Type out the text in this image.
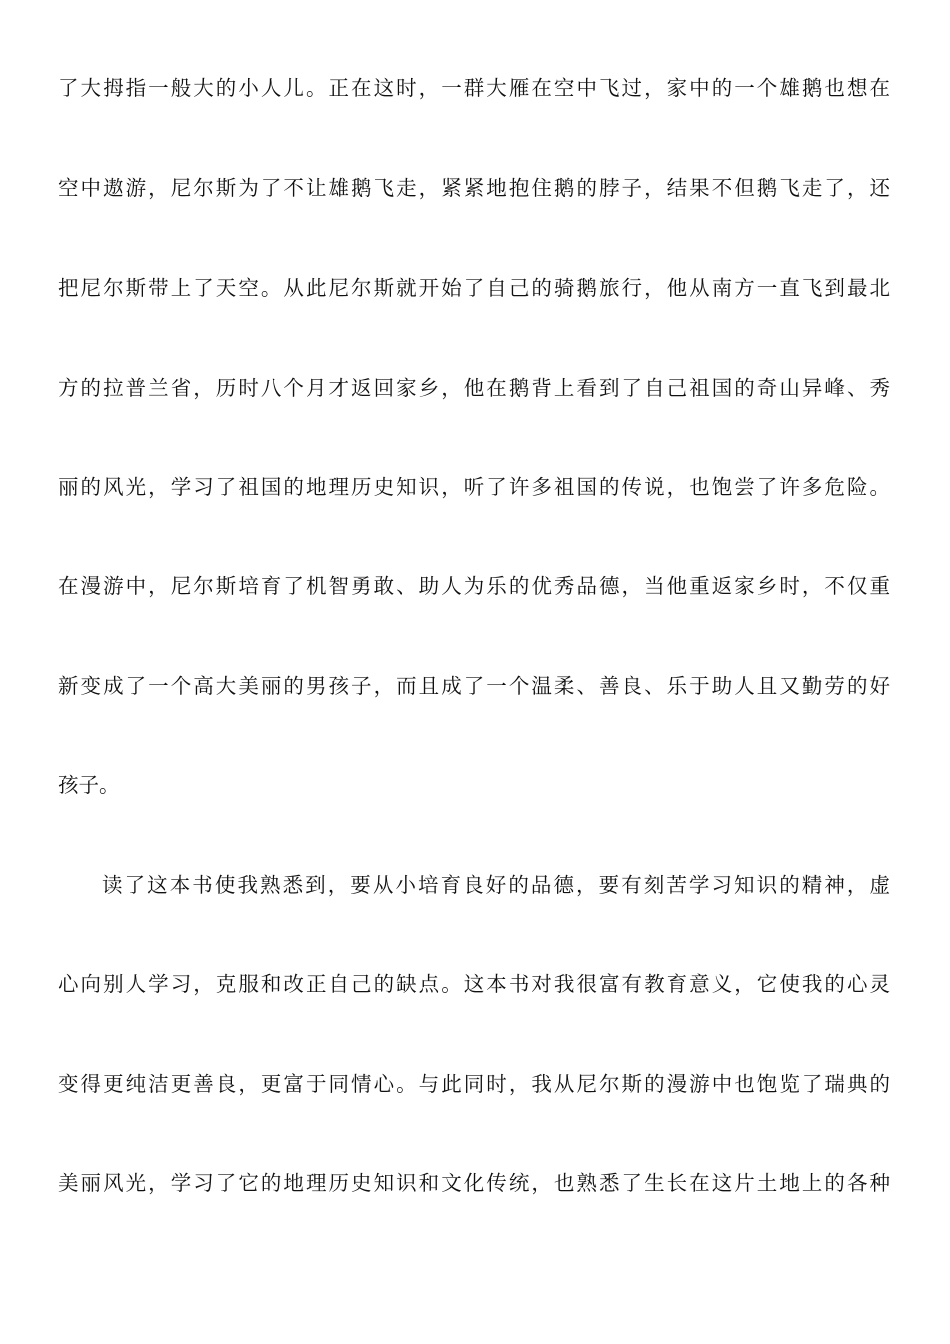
了大拇指一般大的小人儿。正在这时，一群大雁在空中飞过，家中的一个雄鹅也想在
空中遨游，尼尔斯为了不让雄鹅飞走，紧紧地抱住鹅的脖子，结果不但鹅飞走了，还
把尼尔斯带上了天空。从此尼尔斯就开始了自己的骑鹅旅行，他从南方一直飞到最北
方的拉普兰省，历时八个月才返回家乡，他在鹅背上看到了自己祖国的奇山异峰、秀
丽的风光，学习了祖国的地理历史知识，听了许多祖国的传说，也饱尝了许多危险。
在漫游中，尼尔斯培育了机智勇敢、助人为乐的优秀品德，当他重返家乡时，不仅重
新变成了一个高大美丽的男孩子，而且成了一个温柔、善良、乐于助人且又勤劳的好
孩子。
读了这本书使我熟悉到，要从小培育良好的品德，要有刻苦学习知识的精神，虚
心向别人学习，克服和改正自己的缺点。这本书对我很富有教育意义，它使我的心灵
变得更纯洁更善良，更富于同情心。与此同时，我从尼尔斯的漫游中也饱览了瑞典的
美丽风光，学习了它的地理历史知识和文化传统，也熟悉了生长在这片土地上的各种
